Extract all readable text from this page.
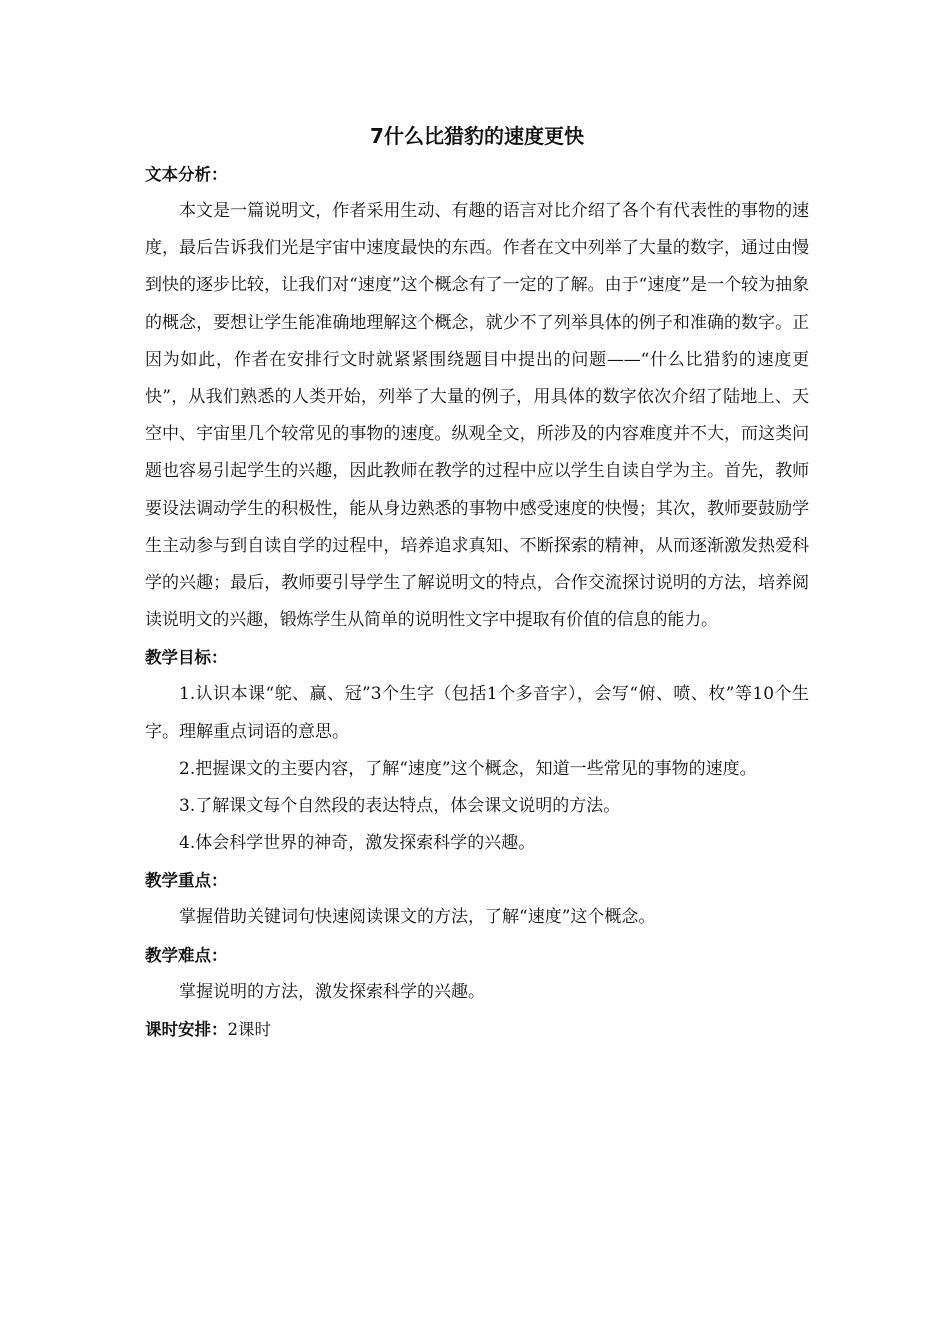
7什么比猎豹的速度更快

文本分析：

本文是一篇说明文，作者采用生动、有趣的语言对比介绍了各个有代表性的事物的速度，最后告诉我们光是宇宙中速度最快的东西。作者在文中列举了大量的数字，通过由慢到快的逐步比较，让我们对“速度”这个概念有了一定的了解。由于“速度”是一个较为抽象的概念，要想让学生能准确地理解这个概念，就少不了列举具体的例子和准确的数字。正因为如此，作者在安排行文时就紧紧围绕题目中提出的问题——“什么比猎豹的速度更快”，从我们熟悉的人类开始，列举了大量的例子，用具体的数字依次介绍了陆地上、天空中、宇宙里几个较常见的事物的速度。纵观全文，所涉及的内容难度并不大，而这类问题也容易引起学生的兴趣，因此教师在教学的过程中应以学生自读自学为主。首先，教师要设法调动学生的积极性，能从身边熟悉的事物中感受速度的快慢；其次，教师要鼓励学生主动参与到自读自学的过程中，培养追求真知、不断探索的精神，从而逐渐激发热爱科学的兴趣；最后，教师要引导学生了解说明文的特点，合作交流探讨说明的方法，培养阅读说明文的兴趣，锻炼学生从简单的说明性文字中提取有价值的信息的能力。

教学目标：

1.认识本课“鸵、赢、冠”3个生字（包括1个多音字），会写“俯、喷、枚”等10个生字。理解重点词语的意思。

2.把握课文的主要内容，了解“速度”这个概念，知道一些常见的事物的速度。

3.了解课文每个自然段的表达特点，体会课文说明的方法。

4.体会科学世界的神奇，激发探索科学的兴趣。

教学重点：

掌握借助关键词句快速阅读课文的方法，了解“速度”这个概念。

教学难点：

掌握说明的方法，激发探索科学的兴趣。

课时安排：2课时
